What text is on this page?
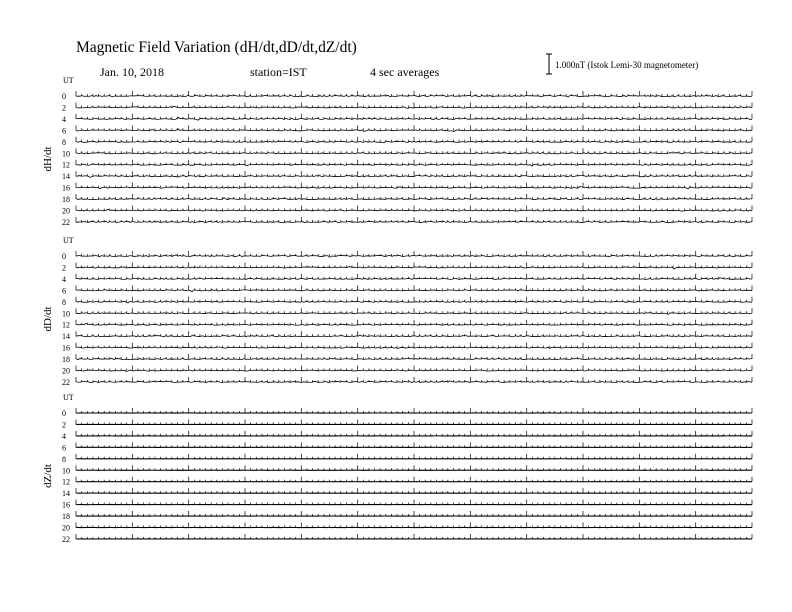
Magnetic Field Variation (dH/dt,dD/dt,dZ/dt)
Jan. 10, 2018	station=IST	4 sec averages	1.000nT (Istok Lemi-30 magnetometer)
UT
dH/dt
0
2
4
6
8
10
12
14
16
18
20
22
UT
dD/dt
0
2
4
6
8
10
12
14
16
18
20
22
UT
dZ/dt
0
2
4
6
8
10
12
14
16
18
20
22
